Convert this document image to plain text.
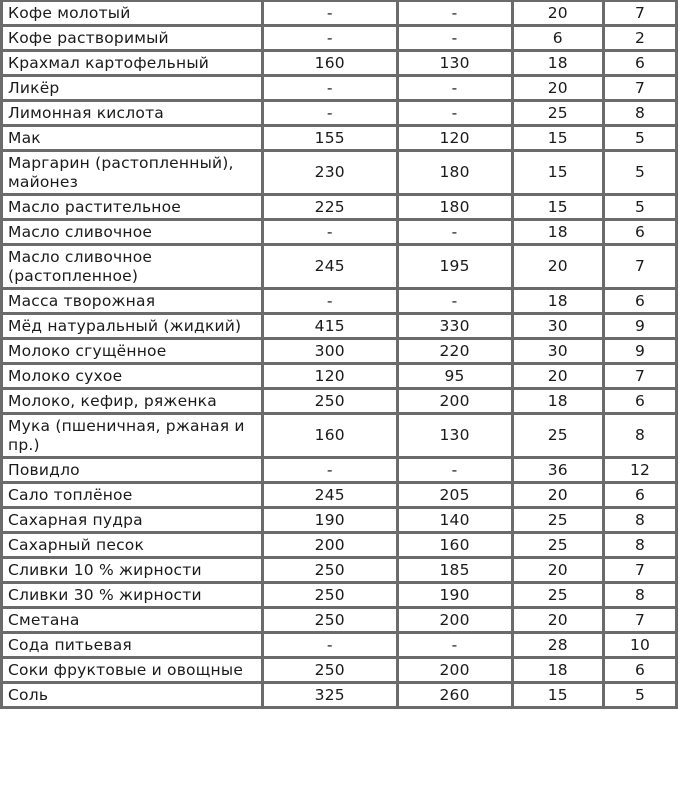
Кофе молотый	-	-	20	7
Кофе растворимый	-	-	6	2
Крахмал картофельный	160	130	18	6
Ликёр	-	-	20	7
Лимонная кислота	-	-	25	8
Мак	155	120	15	5
Маргарин (растопленный), майонез	230	180	15	5
Масло растительное	225	180	15	5
Масло сливочное	-	-	18	6
Масло сливочное (растопленное)	245	195	20	7
Масса творожная	-	-	18	6
Мёд натуральный (жидкий)	415	330	30	9
Молоко сгущённое	300	220	30	9
Молоко сухое	120	95	20	7
Молоко, кефир, ряженка	250	200	18	6
Мука (пшеничная, ржаная и пр.)	160	130	25	8
Повидло	-	-	36	12
Сало топлёное	245	205	20	6
Сахарная пудра	190	140	25	8
Сахарный песок	200	160	25	8
Сливки 10 % жирности	250	185	20	7
Сливки 30 % жирности	250	190	25	8
Сметана	250	200	20	7
Сода питьевая	-	-	28	10
Соки фруктовые и овощные	250	200	18	6
Соль	325	260	15	5
